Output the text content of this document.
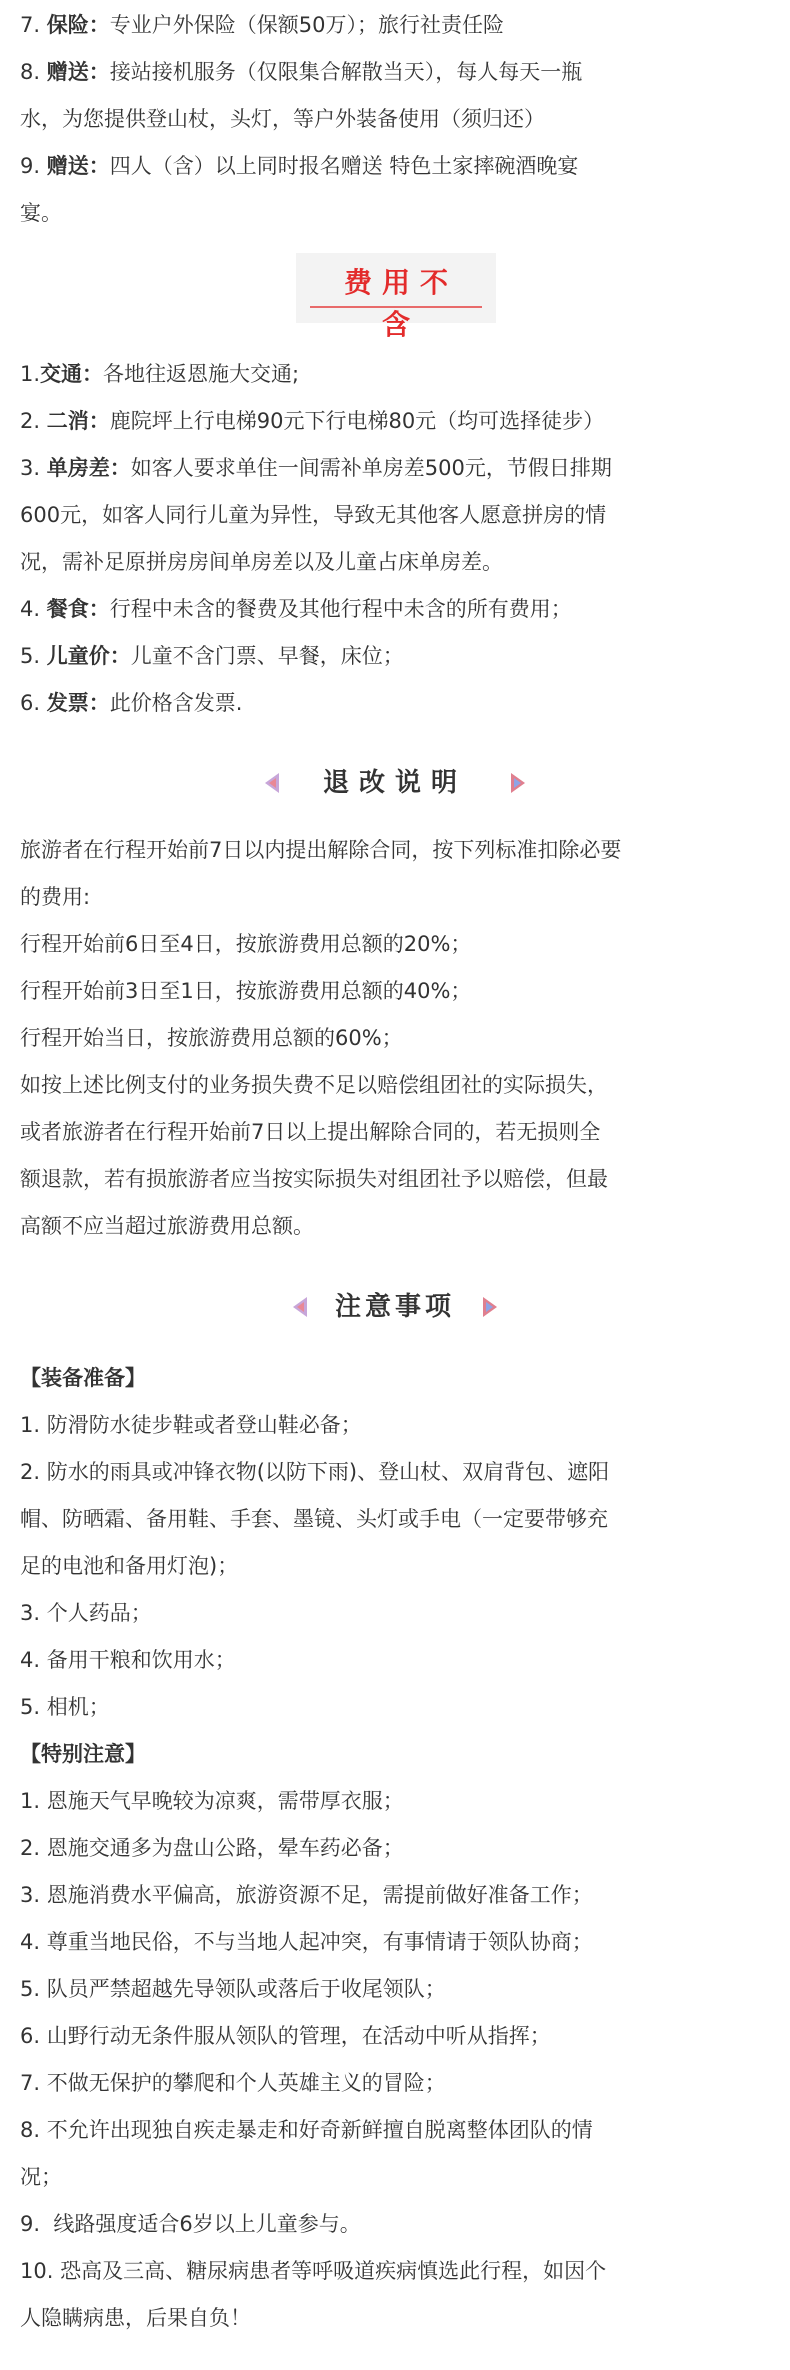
7. 保险：专业户外保险（保额50万）；旅行社责任险
8. 赠送：接站接机服务（仅限集合解散当天），每人每天一瓶
水，为您提供登山杖，头灯，等户外装备使用（须归还）
9. 赠送：四人（含）以上同时报名赠送 特色土家摔碗酒晚宴
宴。
费用不含
1.交通：各地往返恩施大交通;
2. 二消：鹿院坪上行电梯90元下行电梯80元（均可选择徒步）
3. 单房差：如客人要求单住一间需补单房差500元，节假日排期
600元，如客人同行儿童为异性，导致无其他客人愿意拼房的情
况，需补足原拼房房间单房差以及儿童占床单房差。
4. 餐食：行程中未含的餐费及其他行程中未含的所有费用；
5. 儿童价：儿童不含门票、早餐，床位；
6. 发票：此价格含发票.
退改说明
旅游者在行程开始前7日以内提出解除合同，按下列标准扣除必要
的费用:
行程开始前6日至4日，按旅游费用总额的20%；
行程开始前3日至1日，按旅游费用总额的40%；
行程开始当日，按旅游费用总额的60%；
如按上述比例支付的业务损失费不足以赔偿组团社的实际损失，
或者旅游者在行程开始前7日以上提出解除合同的，若无损则全
额退款，若有损旅游者应当按实际损失对组团社予以赔偿，但最
高额不应当超过旅游费用总额。
注意事项
【装备准备】
1. 防滑防水徒步鞋或者登山鞋必备；
2. 防水的雨具或冲锋衣物(以防下雨)、登山杖、双肩背包、遮阳
帽、防晒霜、备用鞋、手套、墨镜、头灯或手电（一定要带够充
足的电池和备用灯泡)；
3. 个人药品；
4. 备用干粮和饮用水；
5. 相机；
【特别注意】
1. 恩施天气早晚较为凉爽，需带厚衣服；
2. 恩施交通多为盘山公路，晕车药必备；
3. 恩施消费水平偏高，旅游资源不足，需提前做好准备工作；
4. 尊重当地民俗，不与当地人起冲突，有事情请于领队协商；
5. 队员严禁超越先导领队或落后于收尾领队；
6. 山野行动无条件服从领队的管理，在活动中听从指挥；
7. 不做无保护的攀爬和个人英雄主义的冒险；
8. 不允许出现独自疾走暴走和好奇新鲜擅自脱离整体团队的情
况；
9.  线路强度适合6岁以上儿童参与。
10. 恐高及三高、糖尿病患者等呼吸道疾病慎选此行程，如因个
人隐瞒病患，后果自负！
